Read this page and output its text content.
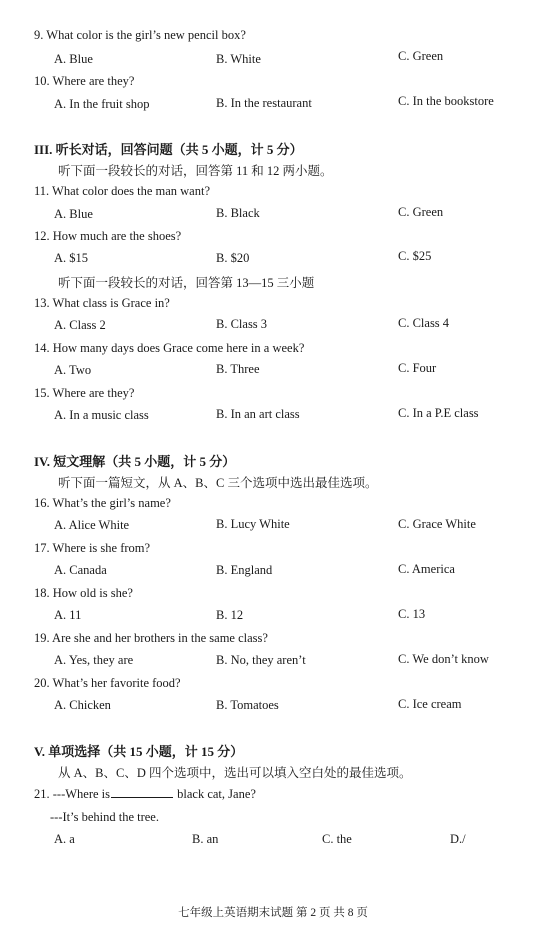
9. What color is the girl’s new pencil box?
A. Blue	B. White	C. Green
10. Where are they?
A. In the fruit shop	B. In the restaurant	C. In the bookstore
III. 听长对话，回答问题（共 5 小题，计 5 分）
听下面一段较长的对话，回答第 11 和 12 两小题。
11. What color does the man want?
A. Blue	B. Black	C. Green
12. How much are the shoes?
A. $15	B. $20	C. $25
听下面一段较长的对话，回答第 13—15 三小题
13. What class is Grace in?
A. Class 2	B. Class 3	C. Class 4
14. How many days does Grace come here in a week?
A. Two	B. Three	C. Four
15. Where are they?
A. In a music class	B. In an art class	C. In a P.E class
IV. 短文理解（共 5 小题，计 5 分）
听下面一篇短文，从 A、B、C 三个选项中选出最佳选项。
16. What’s the girl’s name?
A. Alice White	B. Lucy White	C. Grace White
17. Where is she from?
A. Canada	B. England	C. America
18. How old is she?
A. 11	B. 12	C. 13
19. Are she and her brothers in the same class?
A. Yes, they are	B. No, they aren’t	C. We don’t know
20. What’s her favorite food?
A. Chicken	B. Tomatoes	C. Ice cream
V. 单项选择（共 15 小题，计 15 分）
从 A、B、C、D 四个选项中，选出可以填入空白处的最佳选项。
21. ---Where is	black cat, Jane?
---It’s behind the tree.
A. a	B. an	C. the	D./
七年级上英语期末试题 第 2 页 共 8 页
